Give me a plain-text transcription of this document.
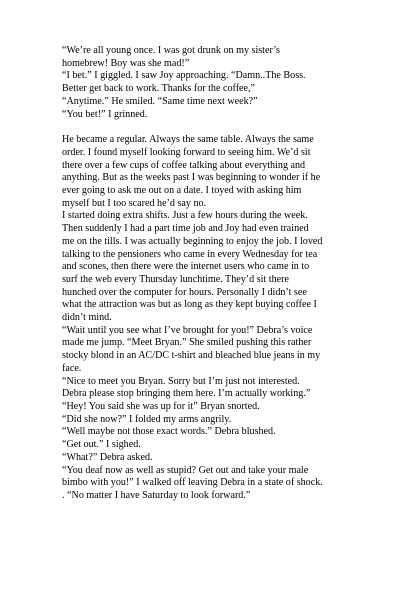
“We’re all young once. I was got drunk on my sister’s
homebrew! Boy was she mad!”
“I bet.” I giggled. I saw Joy approaching. “Damn..The Boss.
Better get back to work. Thanks for the coffee,”
“Anytime.” He smiled. “Same time next week?”
“You bet!” I grinned.
He became a regular. Always the same table. Always the same
order. I found myself looking forward to seeing him. We’d sit
there over a few cups of coffee talking about everything and
anything. But as the weeks past I was beginning to wonder if he
ever going to ask me out on a date. I toyed with asking him
myself but I too scared he’d say no.
I started doing extra shifts. Just a few hours during the week.
Then suddenly I had a part time job and Joy had even trained
me on the tills. I was actually beginning to enjoy the job. I loved
talking to the pensioners who came in every Wednesday for tea
and scones, then there were the internet users who came in to
surf the web every Thursday lunchtime. They’d sit there
hunched over the computer for hours. Personally I didn’t see
what the attraction was but as long as they kept buying coffee I
didn’t mind.
“Wait until you see what I’ve brought for you!” Debra’s voice
made me jump. “Meet Bryan.” She smiled pushing this rather
stocky blond in an AC/DC t-shirt and bleached blue jeans in my
face.
“Nice to meet you Bryan. Sorry but I’m just not interested.
Debra please stop bringing them here. I’m actually working.”
“Hey! You said she was up for it” Bryan snorted.
“Did she now?” I folded my arms angrily.
“Well maybe not those exact words.” Debra blushed.
“Get out.” I sighed.
“What?” Debra asked.
“You deaf now as well as stupid? Get out and take your male
bimbo with you!” I walked off leaving Debra in a state of shock.
. “No matter I have Saturday to look forward.”
